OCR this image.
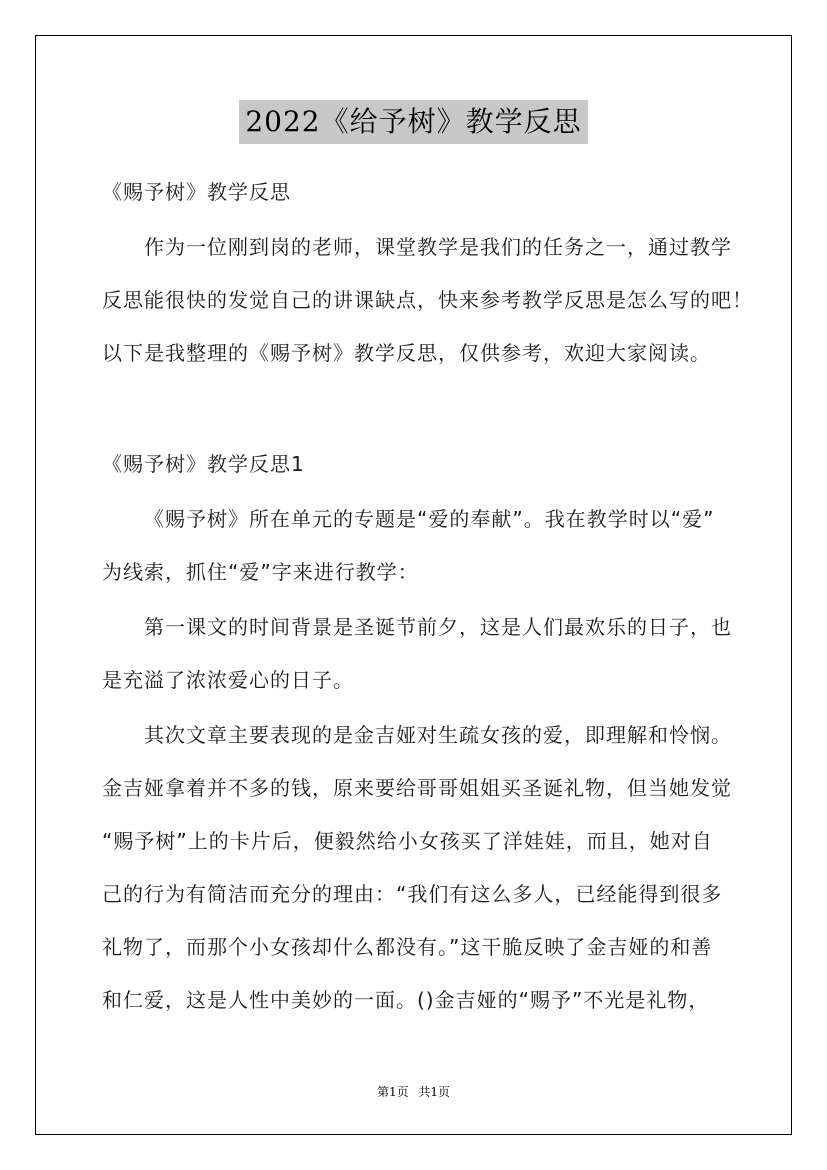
2022《给予树》教学反思
《赐予树》教学反思
作为一位刚到岗的老师，课堂教学是我们的任务之一，通过教学
反思能很快的发觉自己的讲课缺点，快来参考教学反思是怎么写的吧！
以下是我整理的《赐予树》教学反思，仅供参考，欢迎大家阅读。
《赐予树》教学反思1
《赐予树》所在单元的专题是“爱的奉献”。我在教学时以“爱”
为线索，抓住“爱”字来进行教学：
第一课文的时间背景是圣诞节前夕，这是人们最欢乐的日子，也
是充溢了浓浓爱心的日子。
其次文章主要表现的是金吉娅对生疏女孩的爱，即理解和怜悯。
金吉娅拿着并不多的钱，原来要给哥哥姐姐买圣诞礼物，但当她发觉
“赐予树”上的卡片后，便毅然给小女孩买了洋娃娃，而且，她对自
己的行为有简洁而充分的理由：“我们有这么多人，已经能得到很多
礼物了，而那个小女孩却什么都没有。”这干脆反映了金吉娅的和善
和仁爱，这是人性中美妙的一面。()金吉娅的“赐予”不光是礼物，
第1页 共1页
